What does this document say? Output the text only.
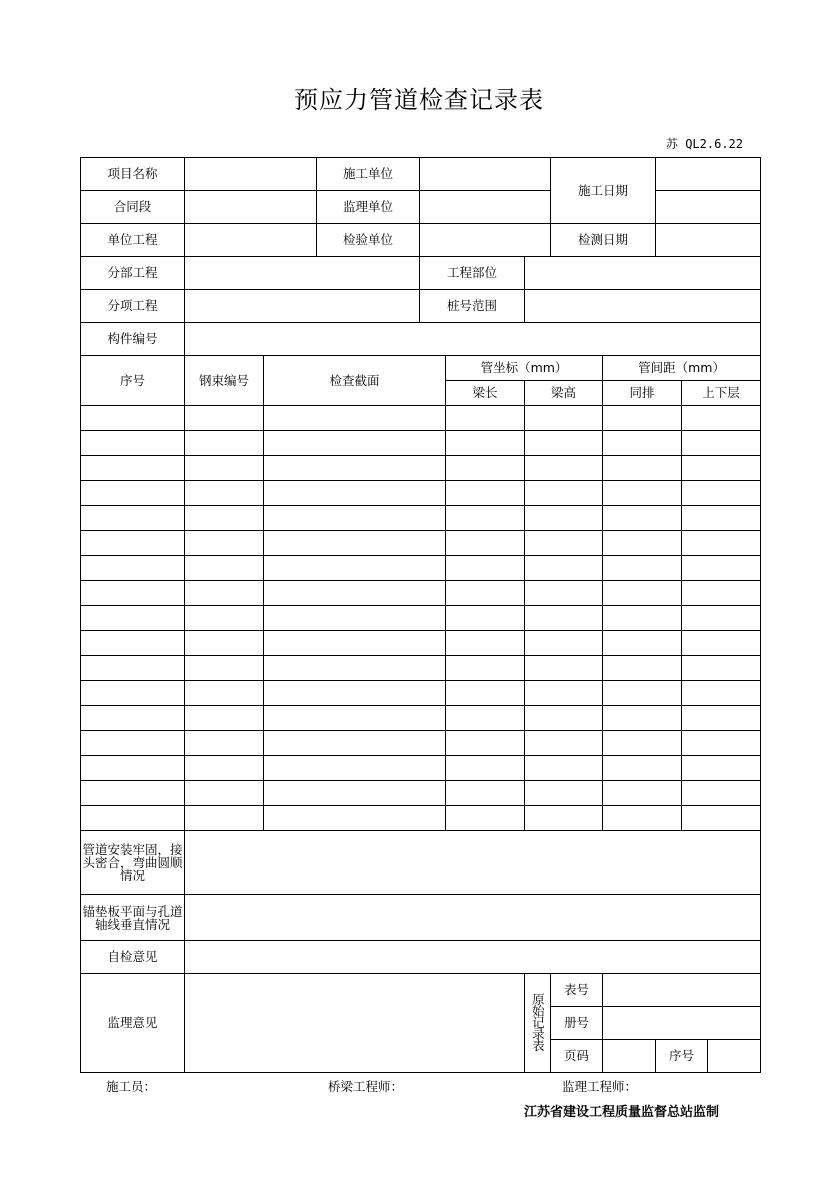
预应力管道检查记录表
苏 QL2.6.22
项目名称			施工单位				施工日期				
合同段			监理单位								
单位工程			检验单位				检测日期				
分部工程				工程部位							
分项工程				桩号范围							
构件编号											
序号	钢束编号	检查截面			管坐标（mm）			管间距（mm）			
					梁长	梁高		同排		上下层	

管道安装牢固，接头密合，弯曲圆顺情况											
锚垫板平面与孔道轴线垂直情况											
自检意见											
监理意见						原始记录表	表号				
							册号				
							页码		序号		
施工员：	桥梁工程师：	监理工程师：
江苏省建设工程质量监督总站监制
